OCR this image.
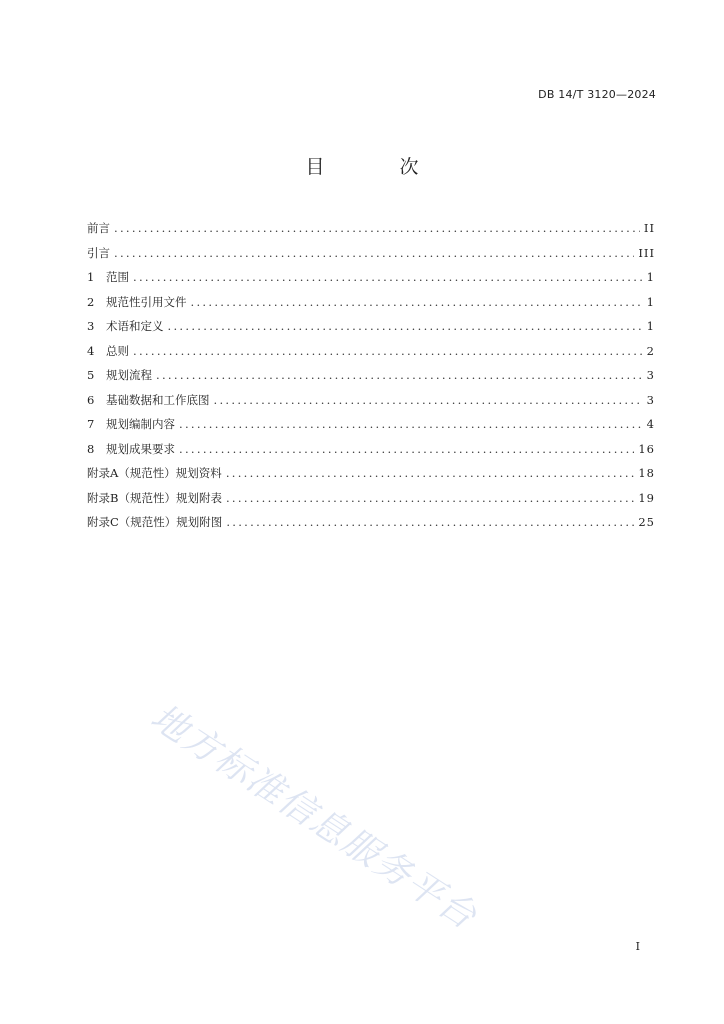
DB 14/T 3120—2024
目　次
前言 .....	II
引言 .....	III
1	范围 .....	1
2	规范性引用文件 .....	1
3	术语和定义 .....	1
4	总则 .....	2
5	规划流程 .....	3
6	基础数据和工作底图 .....	3
7	规划编制内容 .....	4
8	规划成果要求 .....	16
附录A（规范性）规划资料 .....	18
附录B（规范性）规划附表 .....	19
附录C（规范性）规划附图 .....	25
地方标准信息服务平台
I
